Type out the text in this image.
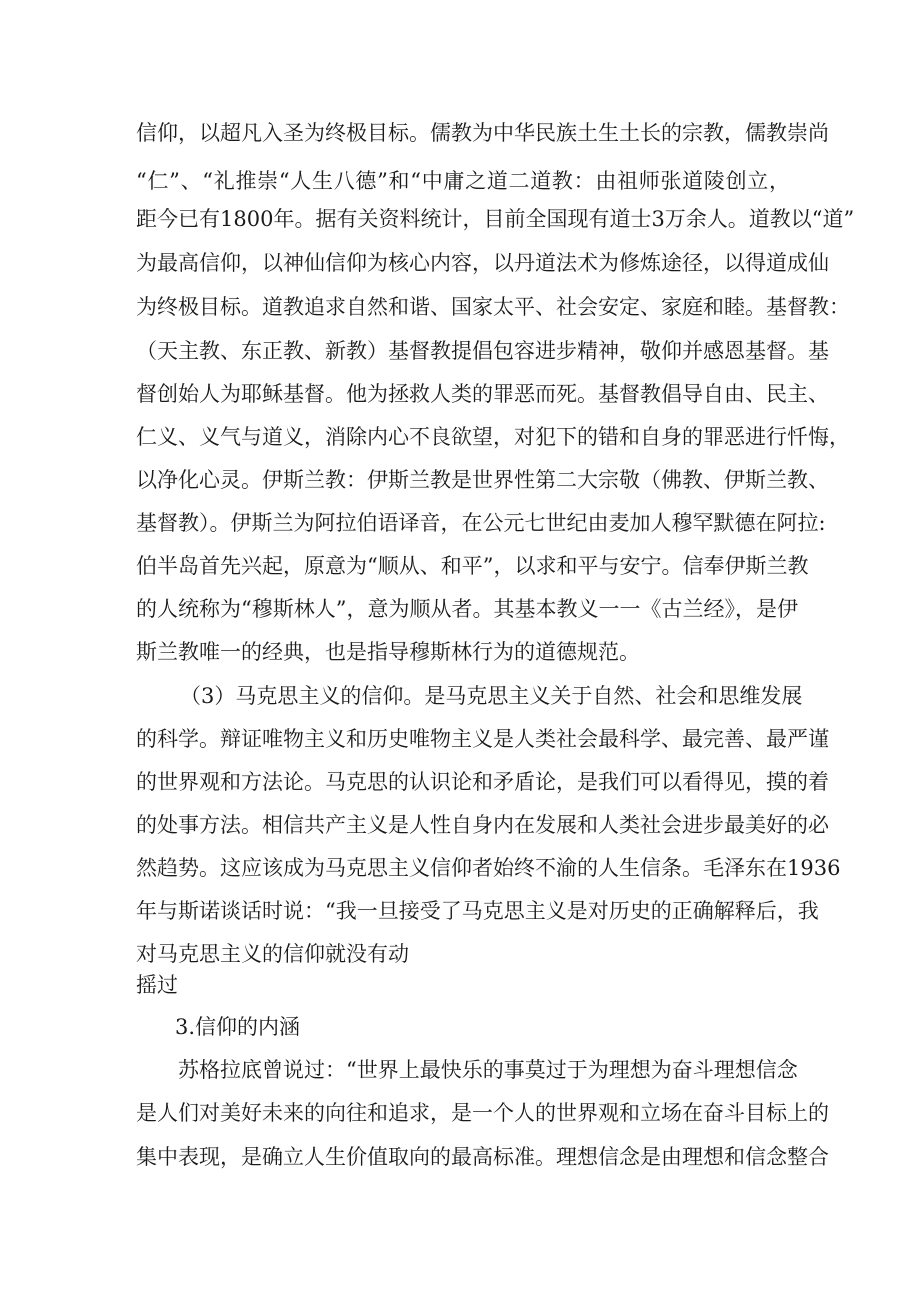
信仰，以超凡入圣为终极目标。儒教为中华民族土生土长的宗教，儒教崇尚
“仁”、“礼推崇“人生八德”和“中庸之道二道教：由祖师张道陵创立，
距今已有1800年。据有关资料统计，目前全国现有道士3万余人。道教以“道”
为最高信仰，以神仙信仰为核心内容，以丹道法术为修炼途径，以得道成仙
为终极目标。道教追求自然和谐、国家太平、社会安定、家庭和睦。基督教：
（天主教、东正教、新教）基督教提倡包容进步精神，敬仰并感恩基督。基
督创始人为耶稣基督。他为拯救人类的罪恶而死。基督教倡导自由、民主、
仁义、义气与道义，消除内心不良欲望，对犯下的错和自身的罪恶进行忏悔，
以净化心灵。伊斯兰教：伊斯兰教是世界性第二大宗敬（佛教、伊斯兰教、
基督教）。伊斯兰为阿拉伯语译音，在公元七世纪由麦加人穆罕默德在阿拉:
伯半岛首先兴起，原意为“顺从、和平”，以求和平与安宁。信奉伊斯兰教
的人统称为“穆斯林人”，意为顺从者。其基本教义一一《古兰经》，是伊
斯兰教唯一的经典，也是指导穆斯林行为的道德规范。
（3）马克思主义的信仰。是马克思主义关于自然、社会和思维发展
的科学。辩证唯物主义和历史唯物主义是人类社会最科学、最完善、最严谨
的世界观和方法论。马克思的认识论和矛盾论，是我们可以看得见，摸的着
的处事方法。相信共产主义是人性自身内在发展和人类社会进步最美好的必
然趋势。这应该成为马克思主义信仰者始终不渝的人生信条。毛泽东在1936
年与斯诺谈话时说：“我一旦接受了马克思主义是对历史的正确解释后，我
对马克思主义的信仰就没有动
摇过
3.信仰的内涵
苏格拉底曾说过：“世界上最快乐的事莫过于为理想为奋斗理想信念
是人们对美好未来的向往和追求，是一个人的世界观和立场在奋斗目标上的
集中表现，是确立人生价值取向的最高标准。理想信念是由理想和信念整合
